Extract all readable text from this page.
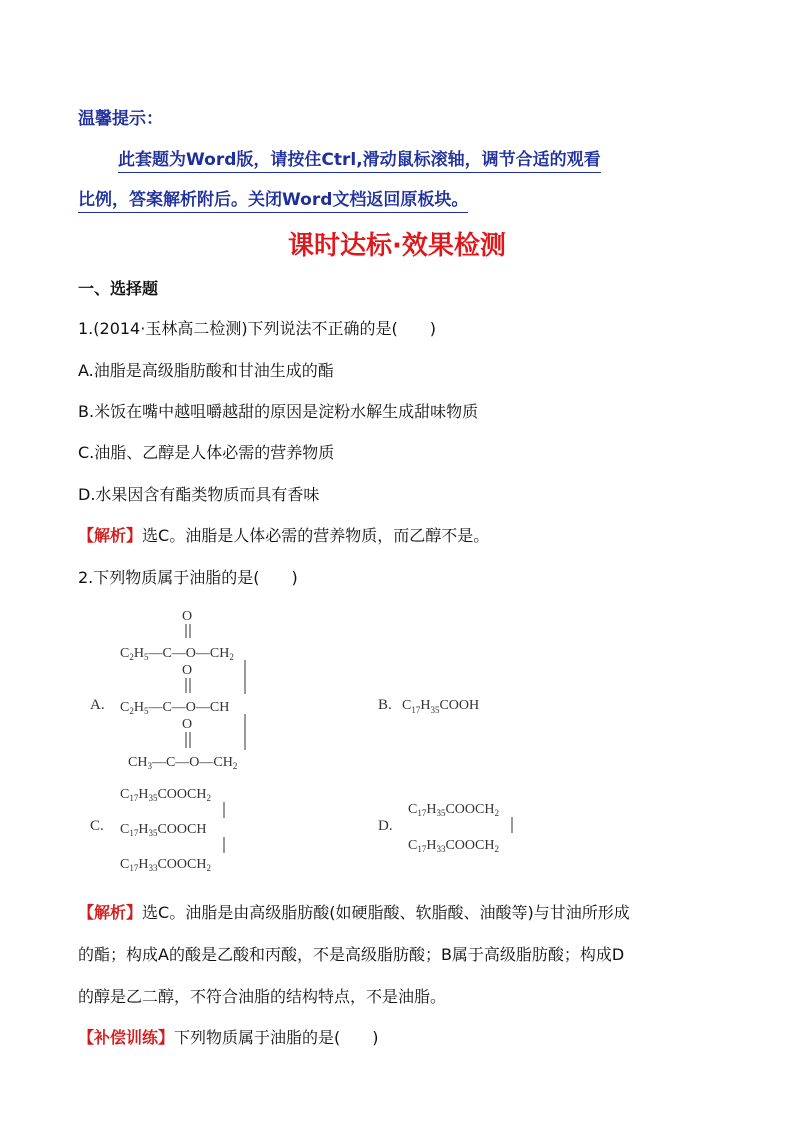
温馨提示：
此套题为Word版，请按住Ctrl,滑动鼠标滚轴，调节合适的观看
比例，答案解析附后。关闭Word文档返回原板块。
课时达标·效果检测
一、选择题
1.(2014·玉林高二检测)下列说法不正确的是(　　)
A.油脂是高级脂肪酸和甘油生成的酯
B.米饭在嘴中越咀嚼越甜的原因是淀粉水解生成甜味物质
C.油脂、乙醇是人体必需的营养物质
D.水果因含有酯类物质而具有香味
【解析】选C。油脂是人体必需的营养物质，而乙醇不是。
2.下列物质属于油脂的是(　　)
A.
O
$C_2H_5—C—O—CH_2$
O
$C_2H_5—C—O—CH$
O
$CH_3—C—O—CH_2$
B. $C_{17}H_{35}COOH$
C.
$C_{17}H_{35}COOCH_2$
$C_{17}H_{35}COOCH$
$C_{17}H_{33}COOCH_2$
D.
$C_{17}H_{35}COOCH_2$
$C_{17}H_{33}COOCH_2$
【解析】选C。油脂是由高级脂肪酸(如硬脂酸、软脂酸、油酸等)与甘油所形成
的酯；构成A的酸是乙酸和丙酸，不是高级脂肪酸；B属于高级脂肪酸；构成D
的醇是乙二醇，不符合油脂的结构特点，不是油脂。
【补偿训练】下列物质属于油脂的是(　　)
